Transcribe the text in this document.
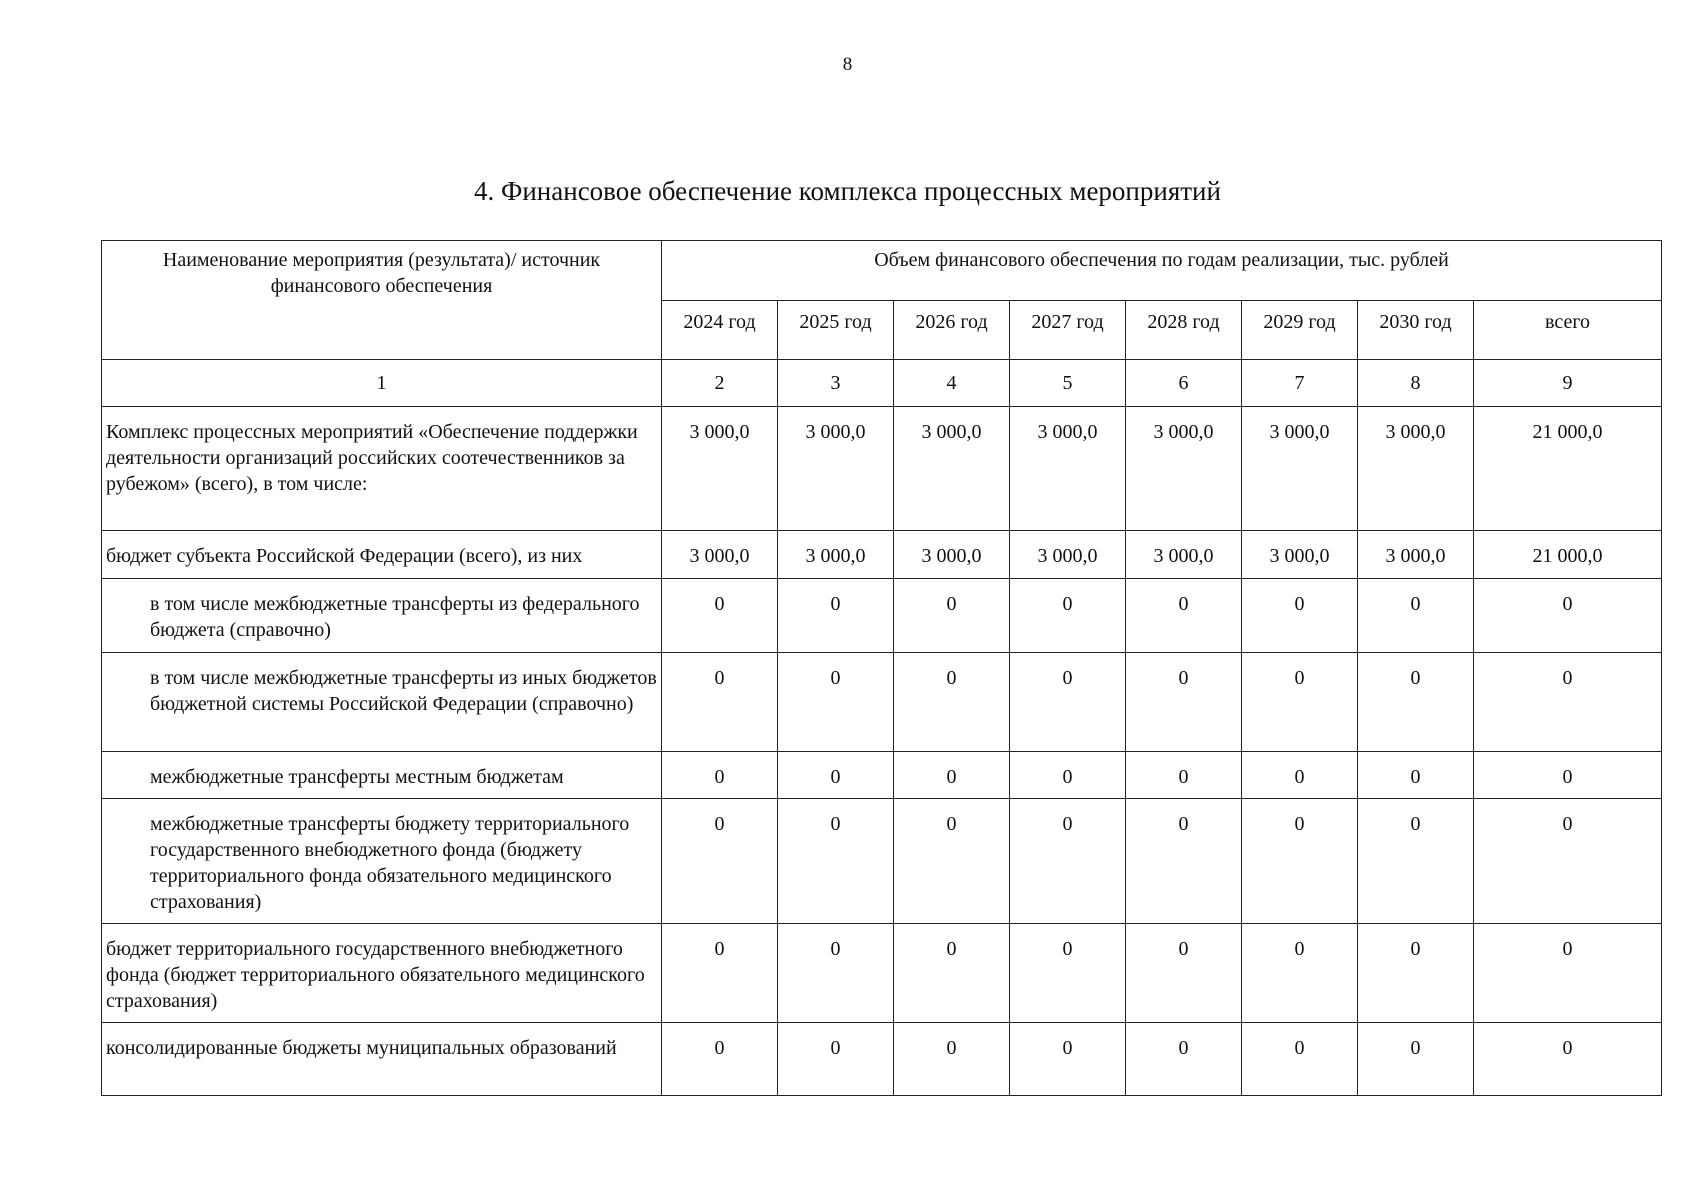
8
4. Финансовое обеспечение комплекса процессных мероприятий
Наименование мероприятия (результата)/ источник финансового обеспечения	Объем финансового обеспечения по годам реализации, тыс. рублей							
	2024 год	2025 год	2026 год	2027 год	2028 год	2029 год	2030 год	всего
1	2	3	4	5	6	7	8	9
Комплекс процессных мероприятий «Обеспечение поддержки деятельности организаций российских соотечественников за рубежом» (всего), в том числе:	3 000,0	3 000,0	3 000,0	3 000,0	3 000,0	3 000,0	3 000,0	21 000,0
бюджет субъекта Российской Федерации (всего), из них	3 000,0	3 000,0	3 000,0	3 000,0	3 000,0	3 000,0	3 000,0	21 000,0
в том числе межбюджетные трансферты из федерального бюджета (справочно)	0	0	0	0	0	0	0	0
в том числе межбюджетные трансферты из иных бюджетов бюджетной системы Российской Федерации (справочно)	0	0	0	0	0	0	0	0
межбюджетные трансферты местным бюджетам	0	0	0	0	0	0	0	0
межбюджетные трансферты бюджету территориального государственного внебюджетного фонда (бюджету территориального фонда обязательного медицинского страхования)	0	0	0	0	0	0	0	0
бюджет территориального государственного внебюджетного фонда (бюджет территориального обязательного медицинского страхования)	0	0	0	0	0	0	0	0
консолидированные бюджеты муниципальных образований	0	0	0	0	0	0	0	0
